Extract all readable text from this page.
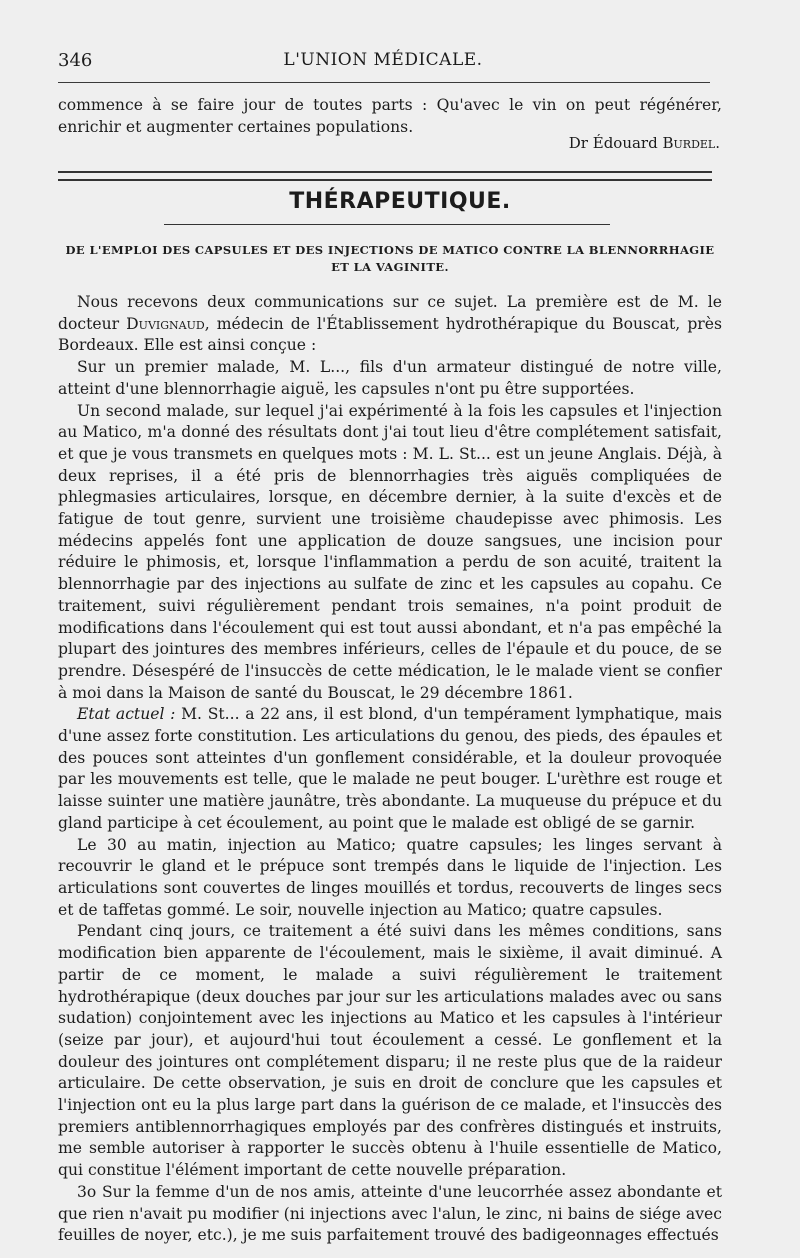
346	L'UNION MÉDICALE.

commence à se faire jour de toutes parts : Qu'avec le vin on peut régénérer, enrichir et augmenter certaines populations.

Dr Édouard Burdel.
THÉRAPEUTIQUE.
DE L'EMPLOI DES CAPSULES ET DES INJECTIONS DE MATICO CONTRE LA BLENNORRHAGIE ET LA VAGINITE.

Nous recevons deux communications sur ce sujet. La première est de M. le docteur Duvignaud, médecin de l'Établissement hydrothérapique du Bouscat, près Bordeaux. Elle est ainsi conçue :

Sur un premier malade, M. L..., fils d'un armateur distingué de notre ville, atteint d'une blennorrhagie aiguë, les capsules n'ont pu être supportées.

Un second malade, sur lequel j'ai expérimenté à la fois les capsules et l'injection au Matico, m'a donné des résultats dont j'ai tout lieu d'être complétement satisfait, et que je vous transmets en quelques mots : M. L. St... est un jeune Anglais. Déjà, à deux reprises, il a été pris de blennorrhagies très aiguës compliquées de phlegmasies articulaires, lorsque, en décembre dernier, à la suite d'excès et de fatigue de tout genre, survient une troisième chaudepisse avec phimosis. Les médecins appelés font une application de douze sangsues, une incision pour réduire le phimosis, et, lorsque l'inflammation a perdu de son acuité, traitent la blennorrhagie par des injections au sulfate de zinc et les capsules au copahu. Ce traitement, suivi régulièrement pendant trois semaines, n'a point produit de modifications dans l'écoulement qui est tout aussi abondant, et n'a pas empêché la plupart des jointures des membres inférieurs, celles de l'épaule et du pouce, de se prendre. Désespéré de l'insuccès de cette médication, le le malade vient se confier à moi dans la Maison de santé du Bouscat, le 29 décembre 1861.

Etat actuel : M. St... a 22 ans, il est blond, d'un tempérament lymphatique, mais d'une assez forte constitution. Les articulations du genou, des pieds, des épaules et des pouces sont atteintes d'un gonflement considérable, et la douleur provoquée par les mouvements est telle, que le malade ne peut bouger. L'urèthre est rouge et laisse suinter une matière jaunâtre, très abondante. La muqueuse du prépuce et du gland participe à cet écoulement, au point que le malade est obligé de se garnir.

Le 30 au matin, injection au Matico; quatre capsules; les linges servant à recouvrir le gland et le prépuce sont trempés dans le liquide de l'injection. Les articulations sont couvertes de linges mouillés et tordus, recouverts de linges secs et de taffetas gommé. Le soir, nouvelle injection au Matico; quatre capsules.

Pendant cinq jours, ce traitement a été suivi dans les mêmes conditions, sans modification bien apparente de l'écoulement, mais le sixième, il avait diminué. A partir de ce moment, le malade a suivi régulièrement le traitement hydrothérapique (deux douches par jour sur les articulations malades avec ou sans sudation) conjointement avec les injections au Matico et les capsules à l'intérieur (seize par jour), et aujourd'hui tout écoulement a cessé. Le gonflement et la douleur des jointures ont complétement disparu; il ne reste plus que de la raideur articulaire. De cette observation, je suis en droit de conclure que les capsules et l'injection ont eu la plus large part dans la guérison de ce malade, et l'insuccès des premiers antiblennorrhagiques employés par des confrères distingués et instruits, me semble autoriser à rapporter le succès obtenu à l'huile essentielle de Matico, qui constitue l'élément important de cette nouvelle préparation.

3o Sur la femme d'un de nos amis, atteinte d'une leucorrhée assez abondante et que rien n'avait pu modifier (ni injections avec l'alun, le zinc, ni bains de siége avec feuilles de noyer, etc.), je me suis parfaitement trouvé des badigeonnages effectués
